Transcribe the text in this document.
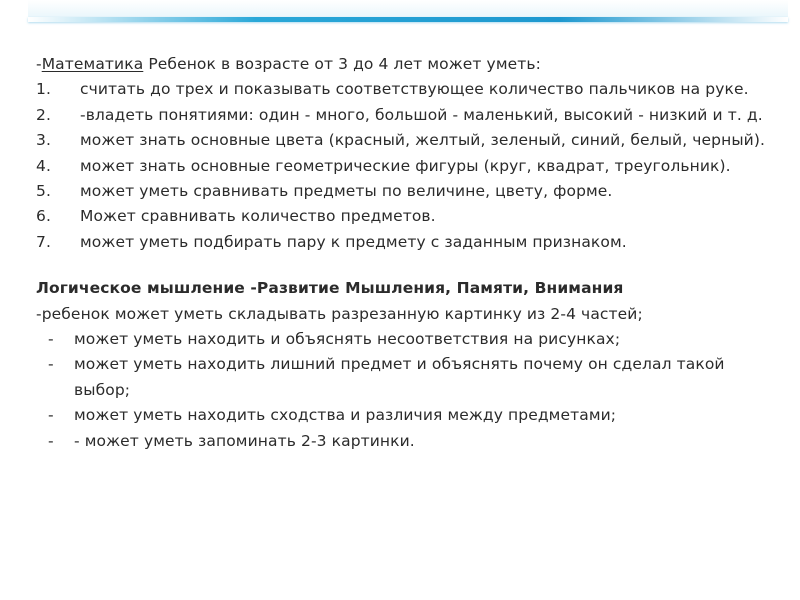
-Математика Ребенок в возрасте от 3 до 4 лет может уметь:
1. считать до трех и показывать соответствующее количество пальчиков на руке.
2. -владеть понятиями: один - много, большой - маленький, высокий - низкий и т. д.
3. может знать основные цвета (красный, желтый, зеленый, синий, белый, черный).
4. может знать основные геометрические фигуры (круг, квадрат, треугольник).
5. может уметь сравнивать предметы по величине, цвету, форме.
6. Может сравнивать количество предметов.
7. может уметь подбирать пару к предмету с заданным признаком.
Логическое мышление -Развитие Мышления, Памяти, Внимания
-ребенок может уметь складывать разрезанную картинку из 2-4 частей;
- может уметь находить и объяснять несоответствия на рисунках;
- может уметь находить лишний предмет и объяснять почему он сделал такой выбор;
- может уметь находить сходства и различия между предметами;
- - может уметь запоминать 2-3 картинки.
